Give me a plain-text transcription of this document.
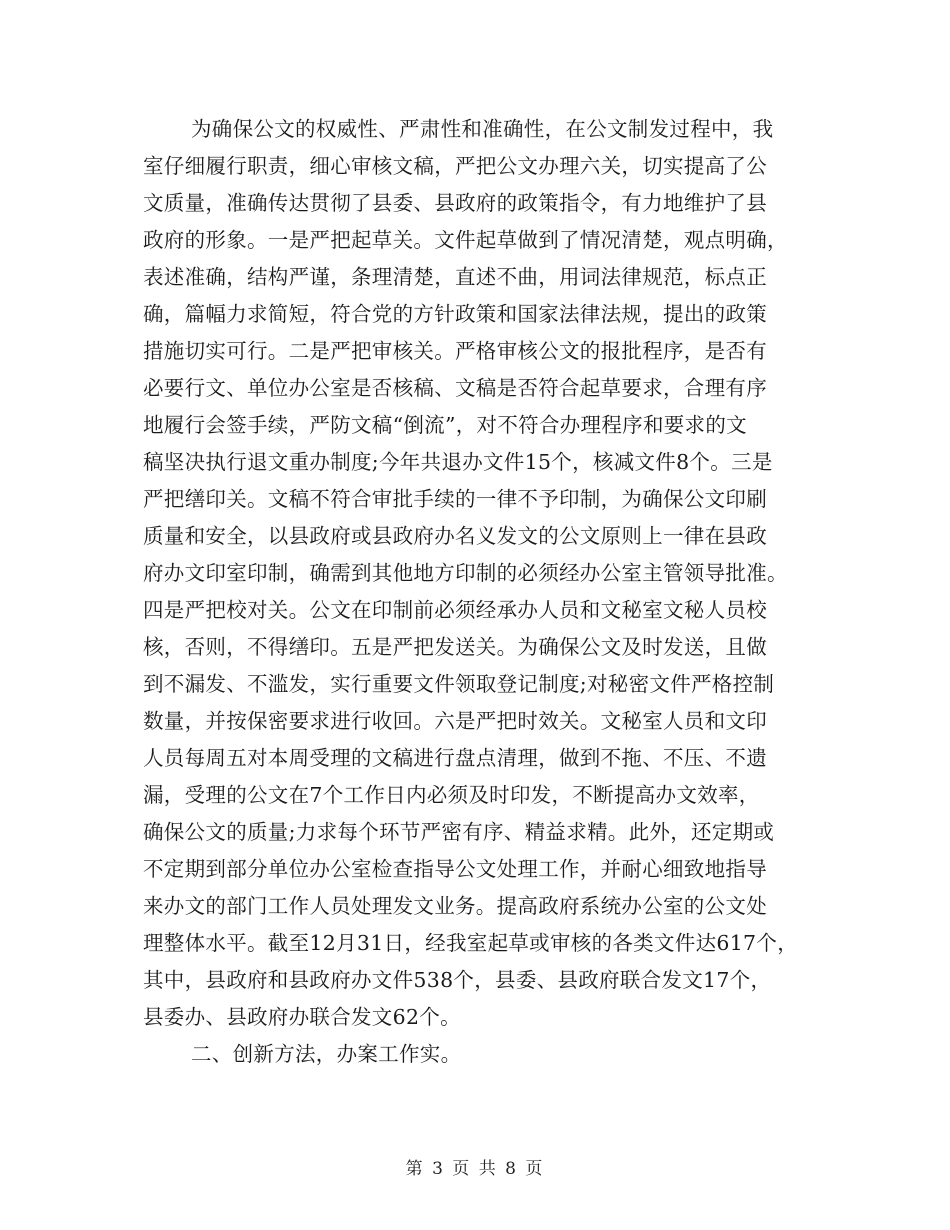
为确保公文的权威性、严肃性和准确性，在公文制发过程中，我
室仔细履行职责，细心审核文稿，严把公文办理六关，切实提高了公
文质量，准确传达贯彻了县委、县政府的政策指令，有力地维护了县
政府的形象。一是严把起草关。文件起草做到了情况清楚，观点明确，
表述准确，结构严谨，条理清楚，直述不曲，用词法律规范，标点正
确，篇幅力求简短，符合党的方针政策和国家法律法规，提出的政策
措施切实可行。二是严把审核关。严格审核公文的报批程序，是否有
必要行文、单位办公室是否核稿、文稿是否符合起草要求，合理有序
地履行会签手续，严防文稿“倒流”，对不符合办理程序和要求的文
稿坚决执行退文重办制度;今年共退办文件15个，核减文件8个。三是
严把缮印关。文稿不符合审批手续的一律不予印制，为确保公文印刷
质量和安全，以县政府或县政府办名义发文的公文原则上一律在县政
府办文印室印制，确需到其他地方印制的必须经办公室主管领导批准。
四是严把校对关。公文在印制前必须经承办人员和文秘室文秘人员校
核，否则，不得缮印。五是严把发送关。为确保公文及时发送，且做
到不漏发、不滥发，实行重要文件领取登记制度;对秘密文件严格控制
数量，并按保密要求进行收回。六是严把时效关。文秘室人员和文印
人员每周五对本周受理的文稿进行盘点清理，做到不拖、不压、不遗
漏，受理的公文在7个工作日内必须及时印发，不断提高办文效率，
确保公文的质量;力求每个环节严密有序、精益求精。此外，还定期或
不定期到部分单位办公室检查指导公文处理工作，并耐心细致地指导
来办文的部门工作人员处理发文业务。提高政府系统办公室的公文处
理整体水平。截至12月31日，经我室起草或审核的各类文件达617个，
其中，县政府和县政府办文件538个，县委、县政府联合发文17个，
县委办、县政府办联合发文62个。
二、创新方法，办案工作实。
第 3 页 共 8 页
